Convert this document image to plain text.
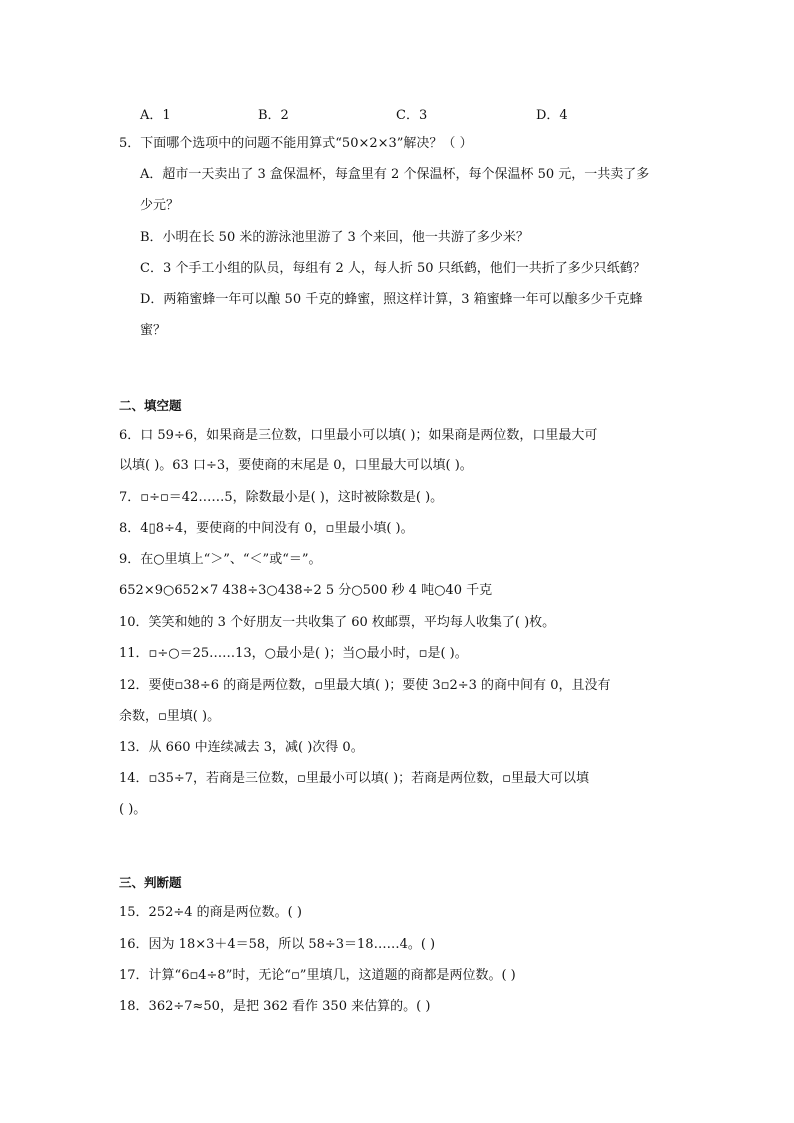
A．1	B．2	C．3	D．4
5．下面哪个选项中的问题不能用算式“50×2×3”解决？（ ）
A．超市一天卖出了 3 盒保温杯，每盒里有 2 个保温杯，每个保温杯 50 元，一共卖了多
少元？
B．小明在长 50 米的游泳池里游了 3 个来回，他一共游了多少米？
C．3 个手工小组的队员，每组有 2 人，每人折 50 只纸鹤，他们一共折了多少只纸鹤？
D．两箱蜜蜂一年可以酿 50 千克的蜂蜜，照这样计算，3 箱蜜蜂一年可以酿多少千克蜂
蜜？
二、填空题
6．口 59÷6，如果商是三位数，口里最小可以填( )；如果商是两位数，口里最大可
以填( )。63 口÷3，要使商的末尾是 0，口里最大可以填( )。
7．▫÷▫＝42……5，除数最小是( )，这时被除数是( )。
8．4▯8÷4，要使商的中间没有 0，▫里最小填( )。
9．在○里填上“＞”、“＜”或“＝”。
652×9○652×7 438÷3○438÷2 5 分○500 秒 4 吨○40 千克
10．笑笑和她的 3 个好朋友一共收集了 60 枚邮票，平均每人收集了( )枚。
11．▫÷○＝25……13，○最小是( )；当○最小时，▫是( )。
12．要使▫38÷6 的商是两位数，▫里最大填( )；要使 3▫2÷3 的商中间有 0，且没有
余数，▫里填( )。
13．从 660 中连续减去 3，减( )次得 0。
14．▫35÷7，若商是三位数，▫里最小可以填( )；若商是两位数，▫里最大可以填
( )。
三、判断题
15．252÷4 的商是两位数。( )
16．因为 18×3＋4＝58，所以 58÷3＝18……4。( )
17．计算“6▫4÷8”时，无论“▫”里填几，这道题的商都是两位数。( )
18．362÷7≈50，是把 362 看作 350 来估算的。( )
